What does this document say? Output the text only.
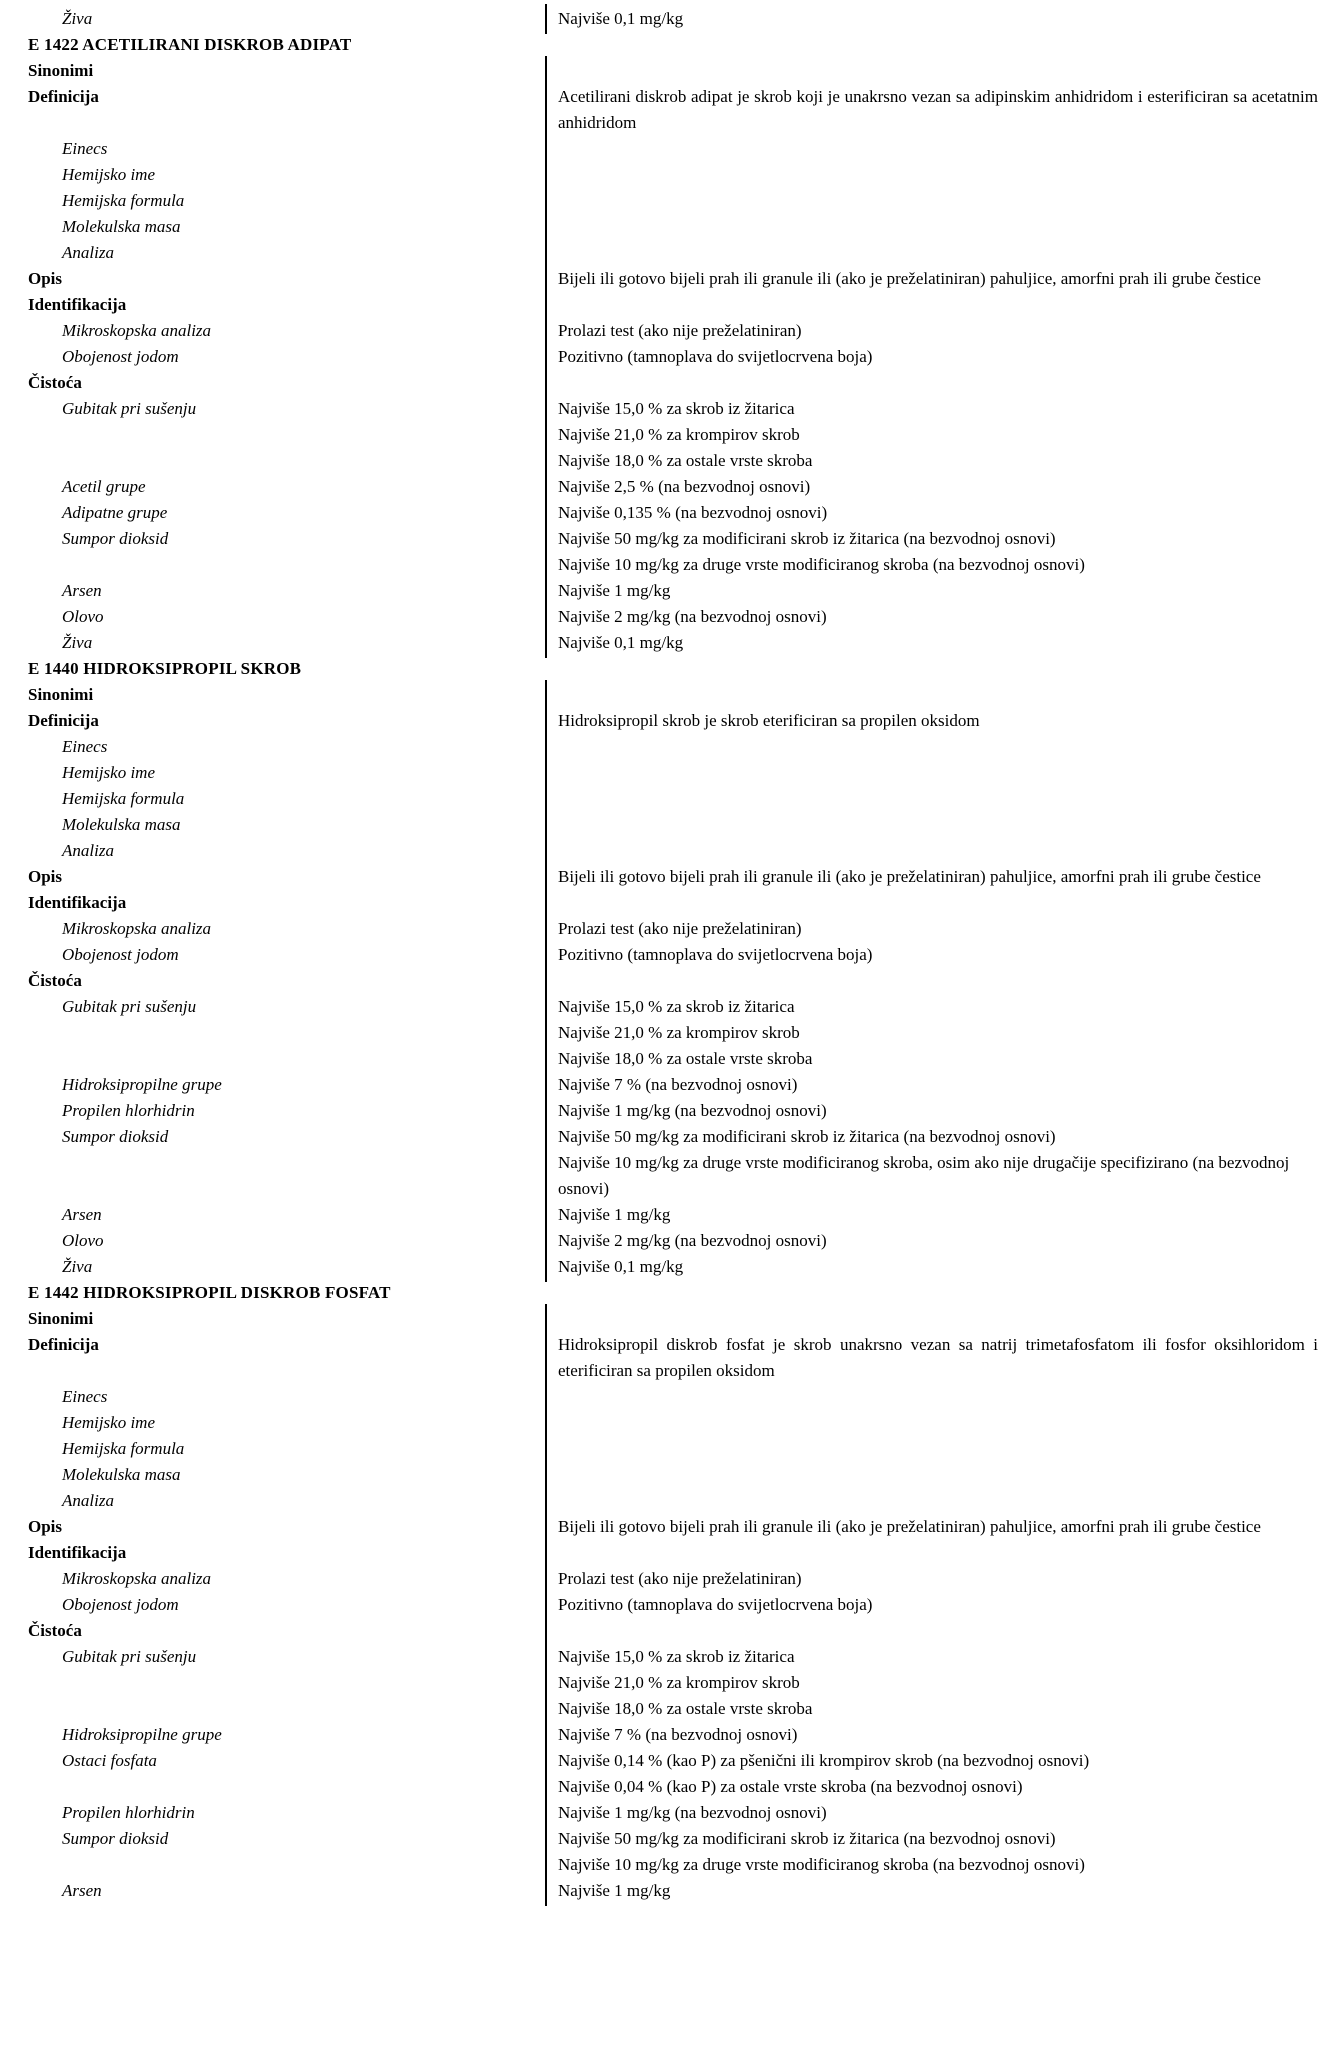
Živa	Najviše 0,1 mg/kg
E 1422 ACETILIRANI DISKROB ADIPAT
Sinonimi
Definicija	Acetilirani diskrob adipat je skrob koji je unakrsno vezan sa adipinskim anhidridom i esterificiran sa acetatnim anhidridom
Einecs
Hemijsko ime
Hemijska formula
Molekulska masa
Analiza
Opis	Bijeli ili gotovo bijeli prah ili granule ili (ako je preželatiniran) pahuljice, amorfni prah ili grube čestice
Identifikacija
Mikroskopska analiza	Prolazi test (ako nije preželatiniran)
Obojenost jodom	Pozitivno (tamnoplava do svijetlocrvena boja)
Čistoća
Gubitak pri sušenju	Najviše 15,0 % za skrob iz žitarica
Najviše 21,0 % za krompirov skrob
Najviše 18,0 % za ostale vrste skroba
Acetil grupe	Najviše 2,5 % (na bezvodnoj osnovi)
Adipatne grupe	Najviše 0,135 % (na bezvodnoj osnovi)
Sumpor dioksid	Najviše 50 mg/kg za modificirani skrob iz žitarica (na bezvodnoj osnovi)
Najviše 10 mg/kg za druge vrste modificiranog skroba (na bezvodnoj osnovi)
Arsen	Najviše 1 mg/kg
Olovo	Najviše 2 mg/kg (na bezvodnoj osnovi)
Živa	Najviše 0,1 mg/kg
E 1440 HIDROKSIPROPIL SKROB
Sinonimi
Definicija	Hidroksipropil skrob je skrob eterificiran sa propilen oksidom
Einecs
Hemijsko ime
Hemijska formula
Molekulska masa
Analiza
Opis	Bijeli ili gotovo bijeli prah ili granule ili (ako je preželatiniran) pahuljice, amorfni prah ili grube čestice
Identifikacija
Mikroskopska analiza	Prolazi test (ako nije preželatiniran)
Obojenost jodom	Pozitivno (tamnoplava do svijetlocrvena boja)
Čistoća
Gubitak pri sušenju	Najviše 15,0 % za skrob iz žitarica
Najviše 21,0 % za krompirov skrob
Najviše 18,0 % za ostale vrste skroba
Hidroksipropilne grupe	Najviše 7 % (na bezvodnoj osnovi)
Propilen hlorhidrin	Najviše 1 mg/kg (na bezvodnoj osnovi)
Sumpor dioksid	Najviše 50 mg/kg za modificirani skrob iz žitarica (na bezvodnoj osnovi)
Najviše 10 mg/kg za druge vrste modificiranog skroba, osim ako nije drugačije specifizirano (na bezvodnoj osnovi)
Arsen	Najviše 1 mg/kg
Olovo	Najviše 2 mg/kg (na bezvodnoj osnovi)
Živa	Najviše 0,1 mg/kg
E 1442 HIDROKSIPROPIL DISKROB FOSFAT
Sinonimi
Definicija	Hidroksipropil diskrob fosfat je skrob unakrsno vezan sa natrij trimetafosfatom ili fosfor oksihloridom i eterificiran sa propilen oksidom
Einecs
Hemijsko ime
Hemijska formula
Molekulska masa
Analiza
Opis	Bijeli ili gotovo bijeli prah ili granule ili (ako je preželatiniran) pahuljice, amorfni prah ili grube čestice
Identifikacija
Mikroskopska analiza	Prolazi test (ako nije preželatiniran)
Obojenost jodom	Pozitivno (tamnoplava do svijetlocrvena boja)
Čistoća
Gubitak pri sušenju	Najviše 15,0 % za skrob iz žitarica
Najviše 21,0 % za krompirov skrob
Najviše 18,0 % za ostale vrste skroba
Hidroksipropilne grupe	Najviše 7 % (na bezvodnoj osnovi)
Ostaci fosfata	Najviše 0,14 % (kao P) za pšenični ili krompirov skrob (na bezvodnoj osnovi)
Najviše 0,04 % (kao P) za ostale vrste skroba (na bezvodnoj osnovi)
Propilen hlorhidrin	Najviše 1 mg/kg (na bezvodnoj osnovi)
Sumpor dioksid	Najviše 50 mg/kg za modificirani skrob iz žitarica (na bezvodnoj osnovi)
Najviše 10 mg/kg za druge vrste modificiranog skroba (na bezvodnoj osnovi)
Arsen	Najviše 1 mg/kg
